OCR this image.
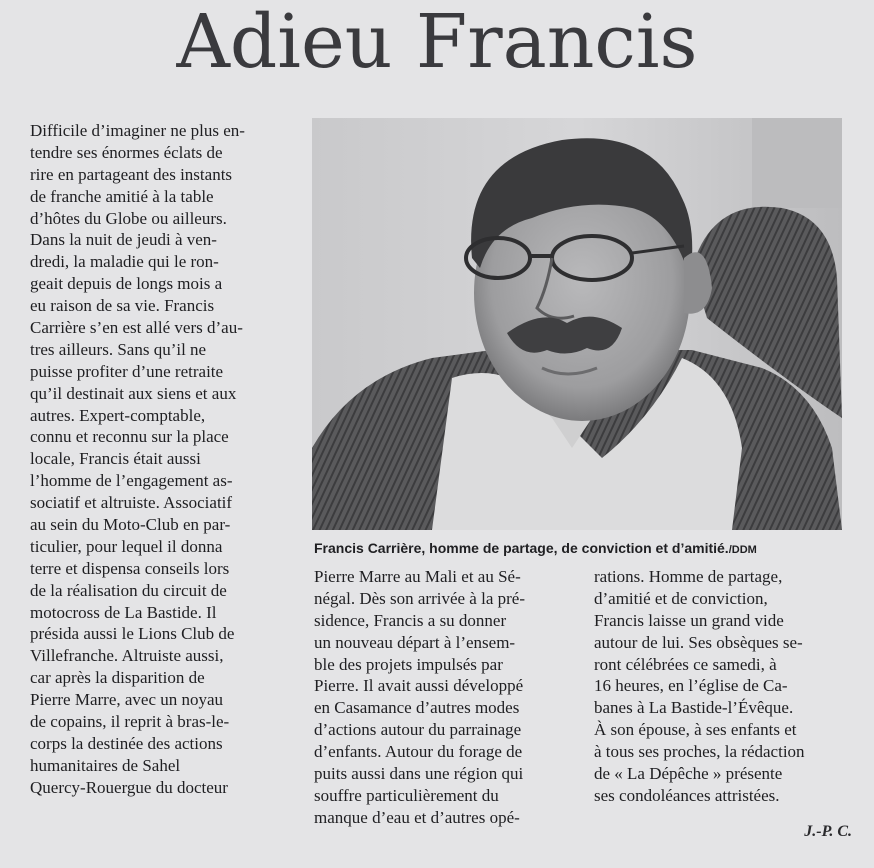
Adieu Francis
Difficile d’imaginer ne plus en-
tendre ses énormes éclats de
rire en partageant des instants
de franche amitié à la table
d’hôtes du Globe ou ailleurs.
Dans la nuit de jeudi à ven-
dredi, la maladie qui le ron-
geait depuis de longs mois a
eu raison de sa vie. Francis
Carrière s’en est allé vers d’au-
tres ailleurs. Sans qu’il ne
puisse profiter d’une retraite
qu’il destinait aux siens et aux
autres. Expert-comptable,
connu et reconnu sur la place
locale, Francis était aussi
l’homme de l’engagement as-
sociatif et altruiste. Associatif
au sein du Moto-Club en par-
ticulier, pour lequel il donna
terre et dispensa conseils lors
de la réalisation du circuit de
motocross de La Bastide. Il
présida aussi le Lions Club de
Villefranche. Altruiste aussi,
car après la disparition de
Pierre Marre, avec un noyau
de copains, il reprit à bras-le-
corps la destinée des actions
humanitaires de Sahel
Quercy-Rouergue du docteur
Francis Carrière, homme de partage, de conviction et d’amitié./DDM
Pierre Marre au Mali et au Sé-
négal. Dès son arrivée à la pré-
sidence, Francis a su donner
un nouveau départ à l’ensem-
ble des projets impulsés par
Pierre. Il avait aussi développé
en Casamance d’autres modes
d’actions autour du parrainage
d’enfants. Autour du forage de
puits aussi dans une région qui
souffre particulièrement du
manque d’eau et d’autres opé-
rations. Homme de partage,
d’amitié et de conviction,
Francis laisse un grand vide
autour de lui. Ses obsèques se-
ront célébrées ce samedi, à
16 heures, en l’église de Ca-
banes à La Bastide-l’Évêque.
À son épouse, à ses enfants et
à tous ses proches, la rédaction
de « La Dépêche » présente
ses condoléances attristées.
J.-P. C.
